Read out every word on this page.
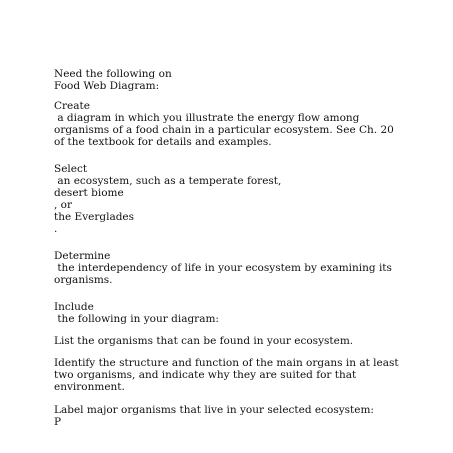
Need the following on
Food Web Diagram:
Create
a diagram in which you illustrate the energy flow among
organisms of a food chain in a particular ecosystem. See Ch. 20
of the textbook for details and examples.
Select
an ecosystem, such as a temperate forest,
desert biome
, or
the Everglades
.
Determine
the interdependency of life in your ecosystem by examining its
organisms.
Include
the following in your diagram:
List the organisms that can be found in your ecosystem.
Identify the structure and function of the main organs in at least
two organisms, and indicate why they are suited for that
environment.
Label major organisms that live in your selected ecosystem:
P
